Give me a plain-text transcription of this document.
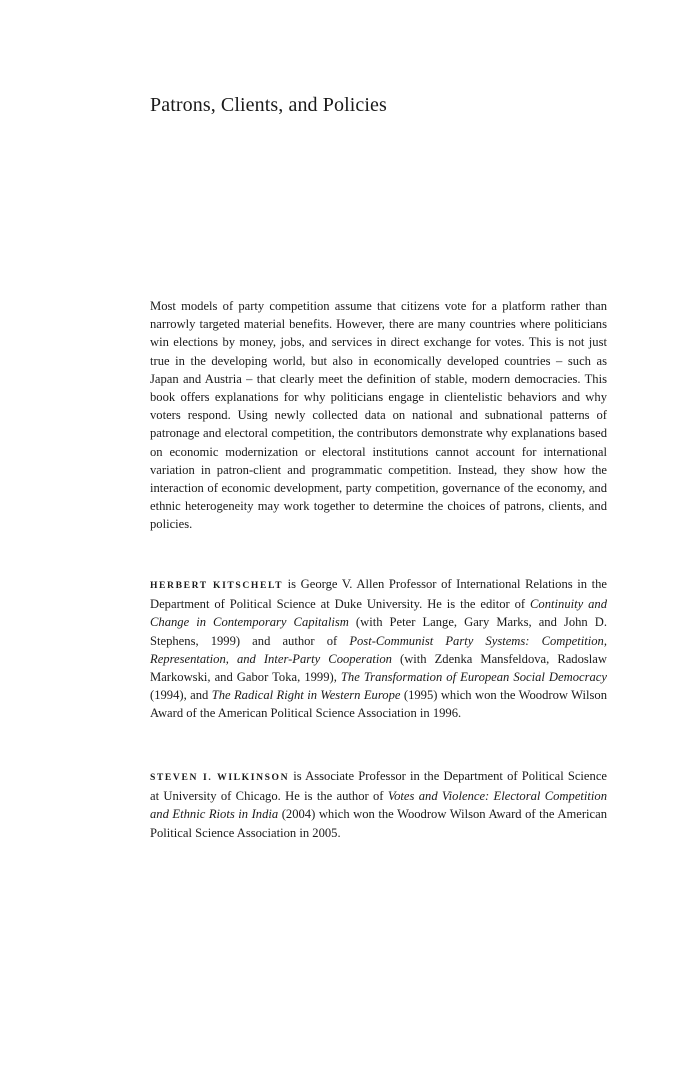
Patrons, Clients, and Policies

Most models of party competition assume that citizens vote for a platform rather than narrowly targeted material benefits. However, there are many countries where politicians win elections by money, jobs, and services in direct exchange for votes. This is not just true in the developing world, but also in economically developed countries – such as Japan and Austria – that clearly meet the definition of stable, modern democracies. This book offers explanations for why politicians engage in clientelistic behaviors and why voters respond. Using newly collected data on national and subnational patterns of patronage and electoral competition, the contributors demonstrate why explanations based on economic modernization or electoral institutions cannot account for international variation in patron-client and programmatic competition. Instead, they show how the interaction of economic development, party competition, governance of the economy, and ethnic heterogeneity may work together to determine the choices of patrons, clients, and policies.

HERBERT KITSCHELT is George V. Allen Professor of International Relations in the Department of Political Science at Duke University. He is the editor of Continuity and Change in Contemporary Capitalism (with Peter Lange, Gary Marks, and John D. Stephens, 1999) and author of Post-Communist Party Systems: Competition, Representation, and Inter-Party Cooperation (with Zdenka Mansfeldova, Radoslaw Markowski, and Gabor Toka, 1999), The Transformation of European Social Democracy (1994), and The Radical Right in Western Europe (1995) which won the Woodrow Wilson Award of the American Political Science Association in 1996.

STEVEN I. WILKINSON is Associate Professor in the Department of Political Science at University of Chicago. He is the author of Votes and Violence: Electoral Competition and Ethnic Riots in India (2004) which won the Woodrow Wilson Award of the American Political Science Association in 2005.
